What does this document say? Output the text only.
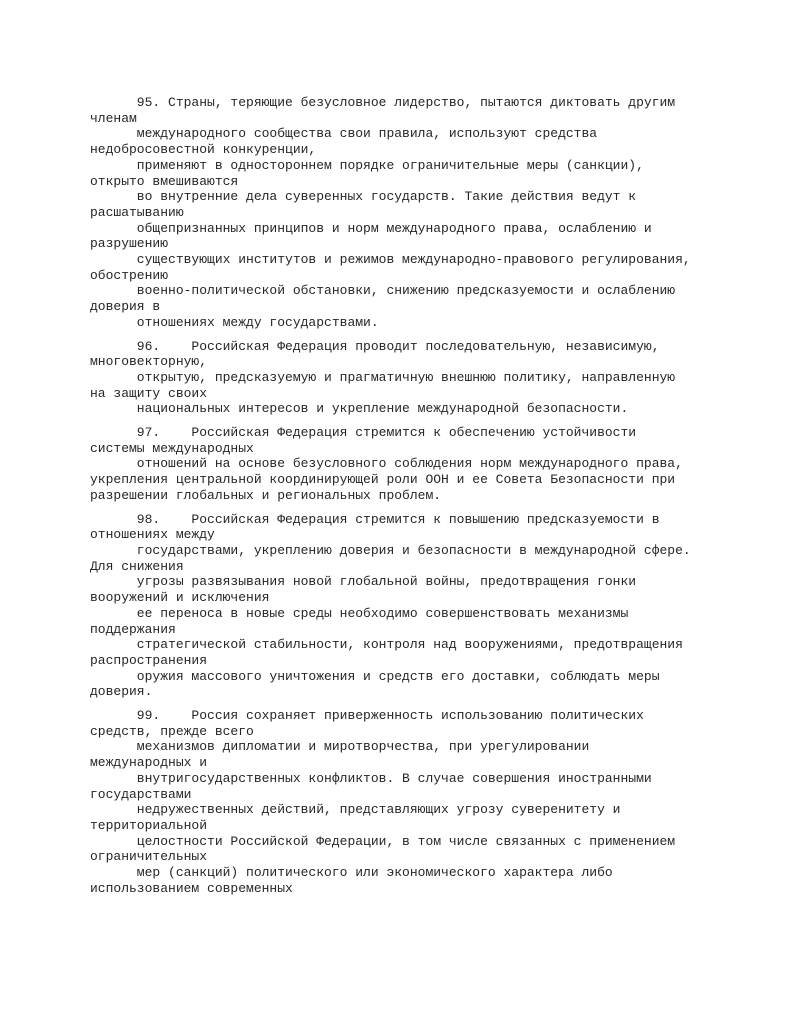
95. Страны, теряющие безусловное лидерство, пытаются диктовать другим
членам
международного сообщества свои правила, используют средства
недобросовестной конкуренции,
применяют в одностороннем порядке ограничительные меры (санкции),
открыто вмешиваются
во внутренние дела суверенных государств. Такие действия ведут к
расшатыванию
общепризнанных принципов и норм международного права, ослаблению и
разрушению
существующих институтов и режимов международно-правового регулирования,
обострению
военно-политической обстановки, снижению предсказуемости и ослаблению
доверия в
отношениях между государствами.
96.    Российская Федерация проводит последовательную, независимую,
многовекторную,
открытую, предсказуемую и прагматичную внешнюю политику, направленную
на защиту своих
национальных интересов и укрепление международной безопасности.
97.    Российская Федерация стремится к обеспечению устойчивости
системы международных
отношений на основе безусловного соблюдения норм международного права,
укрепления центральной координирующей роли ООН и ее Совета Безопасности при
разрешении глобальных и региональных проблем.
98.    Российская Федерация стремится к повышению предсказуемости в
отношениях между
государствами, укреплению доверия и безопасности в международной сфере.
Для снижения
угрозы развязывания новой глобальной войны, предотвращения гонки
вооружений и исключения
ее переноса в новые среды необходимо совершенствовать механизмы
поддержания
стратегической стабильности, контроля над вооружениями, предотвращения
распространения
оружия массового уничтожения и средств его доставки, соблюдать меры
доверия.
99.    Россия сохраняет приверженность использованию политических
средств, прежде всего
механизмов дипломатии и миротворчества, при урегулировании
международных и
внутригосударственных конфликтов. В случае совершения иностранными
государствами
недружественных действий, представляющих угрозу суверенитету и
территориальной
целостности Российской Федерации, в том числе связанных с применением
ограничительных
мер (санкций) политического или экономического характера либо
использованием современных
